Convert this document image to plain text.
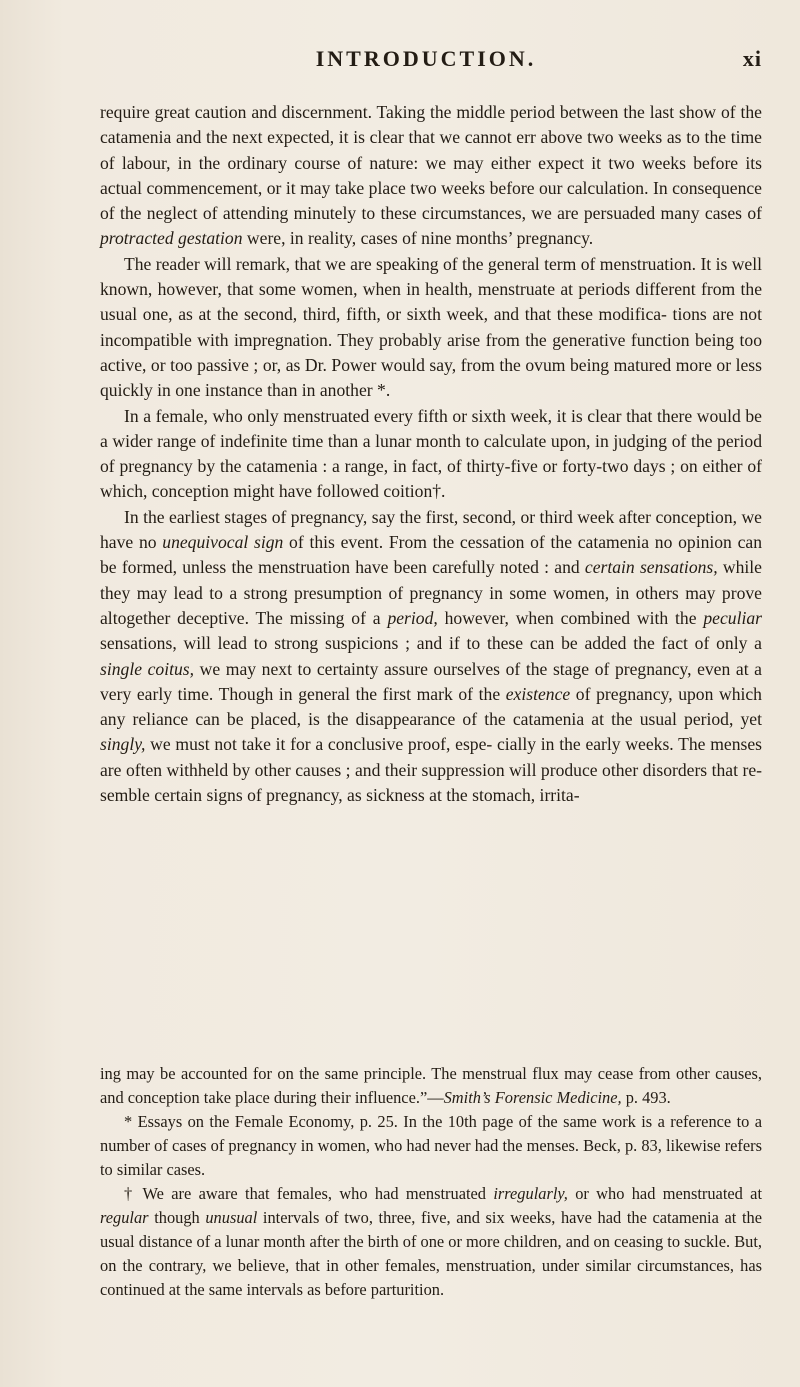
INTRODUCTION.	xi

require great caution and discernment. Taking the middle period between the last show of the catamenia and the next expected, it is clear that we cannot err above two weeks as to the time of labour, in the ordinary course of nature: we may either expect it two weeks before its actual commencement, or it may take place two weeks before our calculation. In consequence of the neglect of attending minutely to these circumstances, we are persuaded many cases of protracted gestation were, in reality, cases of nine months’ pregnancy.

The reader will remark, that we are speaking of the general term of menstruation. It is well known, however, that some women, when in health, menstruate at periods different from the usual one, as at the second, third, fifth, or sixth week, and that these modifica- tions are not incompatible with impregnation. They probably arise from the generative function being too active, or too passive ; or, as Dr. Power would say, from the ovum being matured more or less quickly in one instance than in another *.

In a female, who only menstruated every fifth or sixth week, it is clear that there would be a wider range of indefinite time than a lunar month to calculate upon, in judging of the period of pregnancy by the catamenia : a range, in fact, of thirty-five or forty-two days ; on either of which, conception might have followed coition†.

In the earliest stages of pregnancy, say the first, second, or third week after conception, we have no unequivocal sign of this event. From the cessation of the catamenia no opinion can be formed, unless the menstruation have been carefully noted : and certain sensations, while they may lead to a strong presumption of pregnancy in some women, in others may prove altogether deceptive. The missing of a period, however, when combined with the peculiar sensations, will lead to strong suspicions ; and if to these can be added the fact of only a single coitus, we may next to certainty assure ourselves of the stage of pregnancy, even at a very early time. Though in general the first mark of the existence of pregnancy, upon which any reliance can be placed, is the disappearance of the catamenia at the usual period, yet singly, we must not take it for a conclusive proof, espe- cially in the early weeks. The menses are often withheld by other causes ; and their suppression will produce other disorders that re- semble certain signs of pregnancy, as sickness at the stomach, irrita-

ing may be accounted for on the same principle. The menstrual flux may cease from other causes, and conception take place during their influence.”—Smith’s Forensic Medicine, p. 493.

* Essays on the Female Economy, p. 25. In the 10th page of the same work is a reference to a number of cases of pregnancy in women, who had never had the menses. Beck, p. 83, likewise refers to similar cases.

† We are aware that females, who had menstruated irregularly, or who had menstruated at regular though unusual intervals of two, three, five, and six weeks, have had the catamenia at the usual distance of a lunar month after the birth of one or more children, and on ceasing to suckle. But, on the contrary, we believe, that in other females, menstruation, under similar circumstances, has continued at the same intervals as before parturition.
